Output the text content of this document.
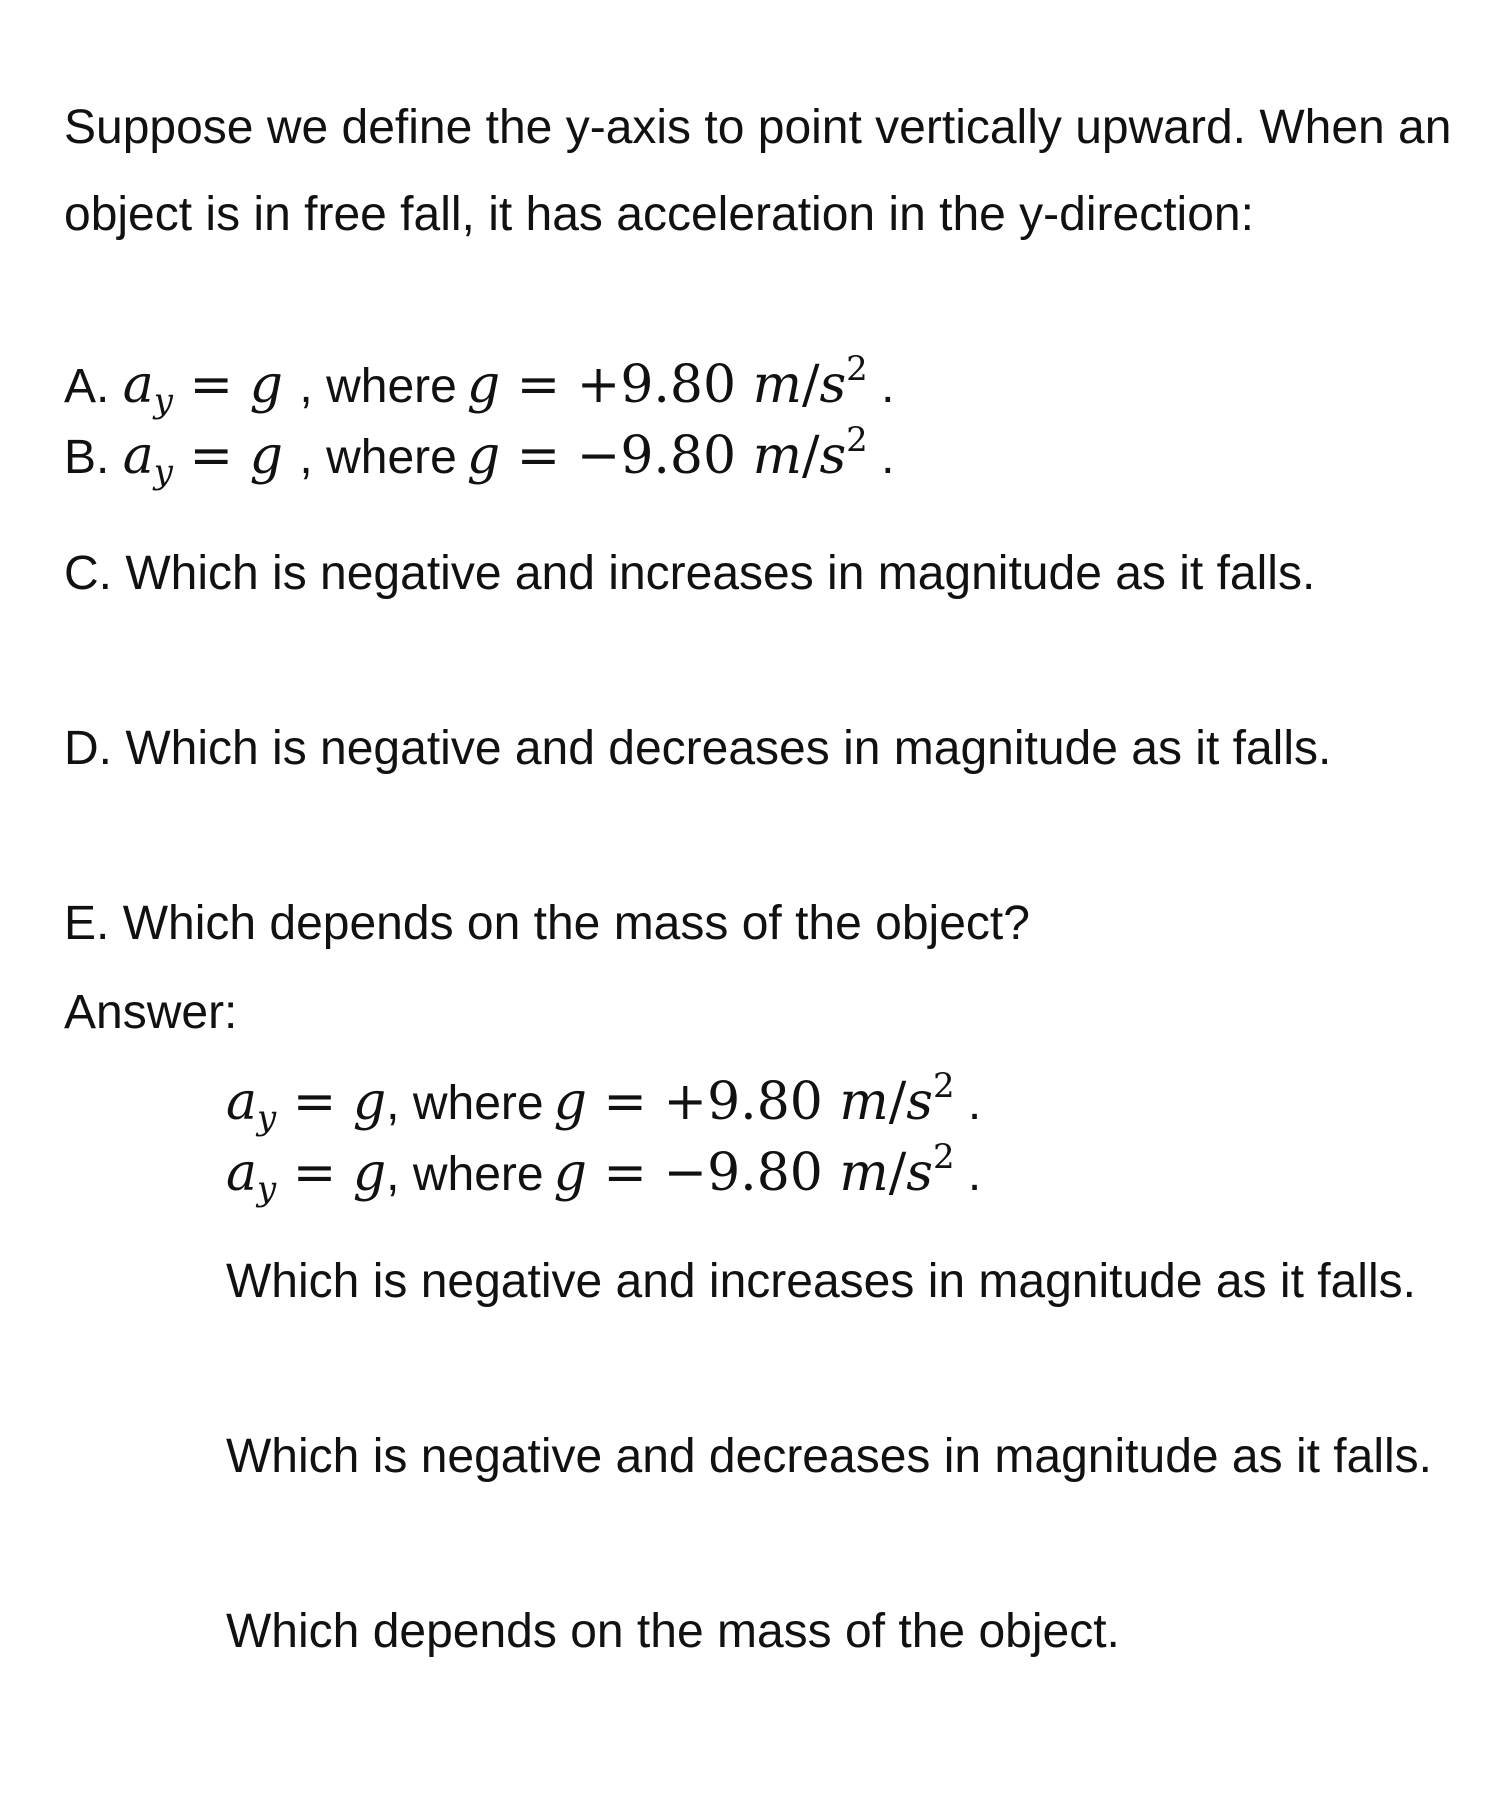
Suppose we define the y-axis to point vertically upward. When an object is in free fall, it has acceleration in the y-direction:

A. $a_y = g$ , where g = +9.80 $m/s^2$ .
B. $a_y = g$ , where g = −9.80 $m/s^2$ .
C. Which is negative and increases in magnitude as it falls.
D. Which is negative and decreases in magnitude as it falls.
E. Which depends on the mass of the object?
Answer:
$a_y = g$, where g = +9.80 $m/s^2$ .
$a_y = g$, where g = −9.80 $m/s^2$ .
Which is negative and increases in magnitude as it falls.
Which is negative and decreases in magnitude as it falls.
Which depends on the mass of the object.
